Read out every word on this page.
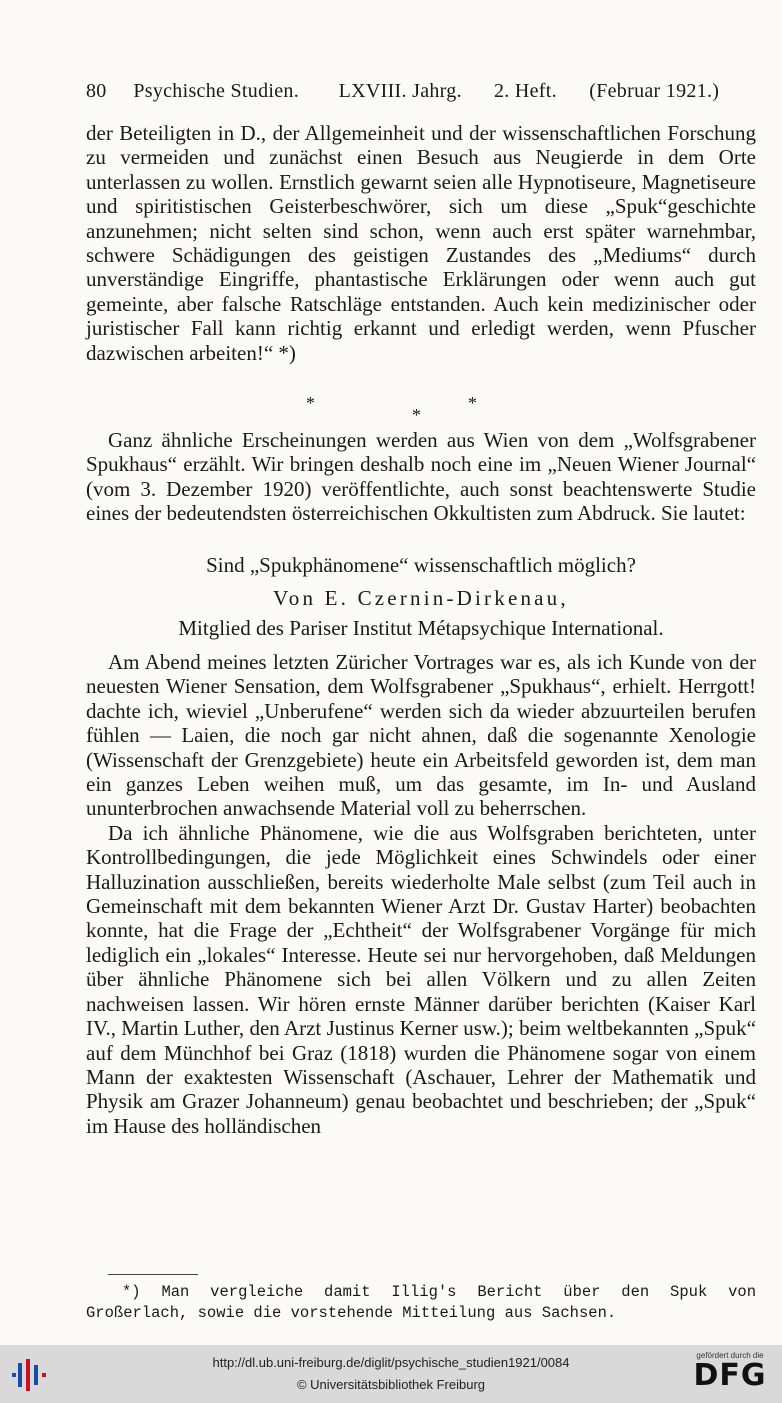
80 Psychische Studien. LXVIII. Jahrg. 2. Heft. (Februar 1921.)

der Beteiligten in D., der Allgemeinheit und der wissenschaftlichen Forschung zu vermeiden und zunächst einen Besuch aus Neugierde in dem Orte unterlassen zu wollen. Ernstlich gewarnt seien alle Hypnotiseure, Magnetiseure und spiritistischen Geisterbeschwörer, sich um diese „Spuk“geschichte anzunehmen; nicht selten sind schon, wenn auch erst später warnehmbar, schwere Schädigungen des geistigen Zustandes des „Mediums“ durch unverständige Eingriffe, phantastische Erklärungen oder wenn auch gut gemeinte, aber falsche Ratschläge entstanden. Auch kein medizinischer oder juristischer Fall kann richtig erkannt und erledigt werden, wenn Pfuscher dazwischen arbeiten!“ *)

*
*
*

Ganz ähnliche Erscheinungen werden aus Wien von dem „Wolfsgrabener Spukhaus“ erzählt. Wir bringen deshalb noch eine im „Neuen Wiener Journal“ (vom 3. Dezember 1920) veröffentlichte, auch sonst beachtenswerte Studie eines der bedeutendsten österreichischen Okkultisten zum Abdruck. Sie lautet:

Sind „Spukphänomene“ wissenschaftlich möglich?
Von E. Czernin-Dirkenau,
Mitglied des Pariser Institut Métapsychique International.

Am Abend meines letzten Züricher Vortrages war es, als ich Kunde von der neuesten Wiener Sensation, dem Wolfsgrabener „Spukhaus“, erhielt. Herrgott! dachte ich, wieviel „Unberufene“ werden sich da wieder abzuurteilen berufen fühlen — Laien, die noch gar nicht ahnen, daß die sogenannte Xenologie (Wissenschaft der Grenzgebiete) heute ein Arbeitsfeld geworden ist, dem man ein ganzes Leben weihen muß, um das gesamte, im In- und Ausland ununterbrochen anwachsende Material voll zu beherrschen.

Da ich ähnliche Phänomene, wie die aus Wolfsgraben berichteten, unter Kontrollbedingungen, die jede Möglichkeit eines Schwindels oder einer Halluzination ausschließen, bereits wiederholte Male selbst (zum Teil auch in Gemeinschaft mit dem bekannten Wiener Arzt Dr. Gustav Harter) beobachten konnte, hat die Frage der „Echtheit“ der Wolfsgrabener Vorgänge für mich lediglich ein „lokales“ Interesse. Heute sei nur hervorgehoben, daß Meldungen über ähnliche Phänomene sich bei allen Völkern und zu allen Zeiten nachweisen lassen. Wir hören ernste Männer darüber berichten (Kaiser Karl IV., Martin Luther, den Arzt Justinus Kerner usw.); beim weltbekannten „Spuk“ auf dem Münchhof bei Graz (1818) wurden die Phänomene sogar von einem Mann der exaktesten Wissenschaft (Aschauer, Lehrer der Mathematik und Physik am Grazer Johanneum) genau beobachtet und beschrieben; der „Spuk“ im Hause des holländischen

*) Man vergleiche damit Illig's Bericht über den Spuk von Großerlach, sowie die vorstehende Mitteilung aus Sachsen.

http://dl.ub.uni-freiburg.de/diglit/psychische_studien1921/0084
© Universitätsbibliothek Freiburg
gefördert durch die
DFG
